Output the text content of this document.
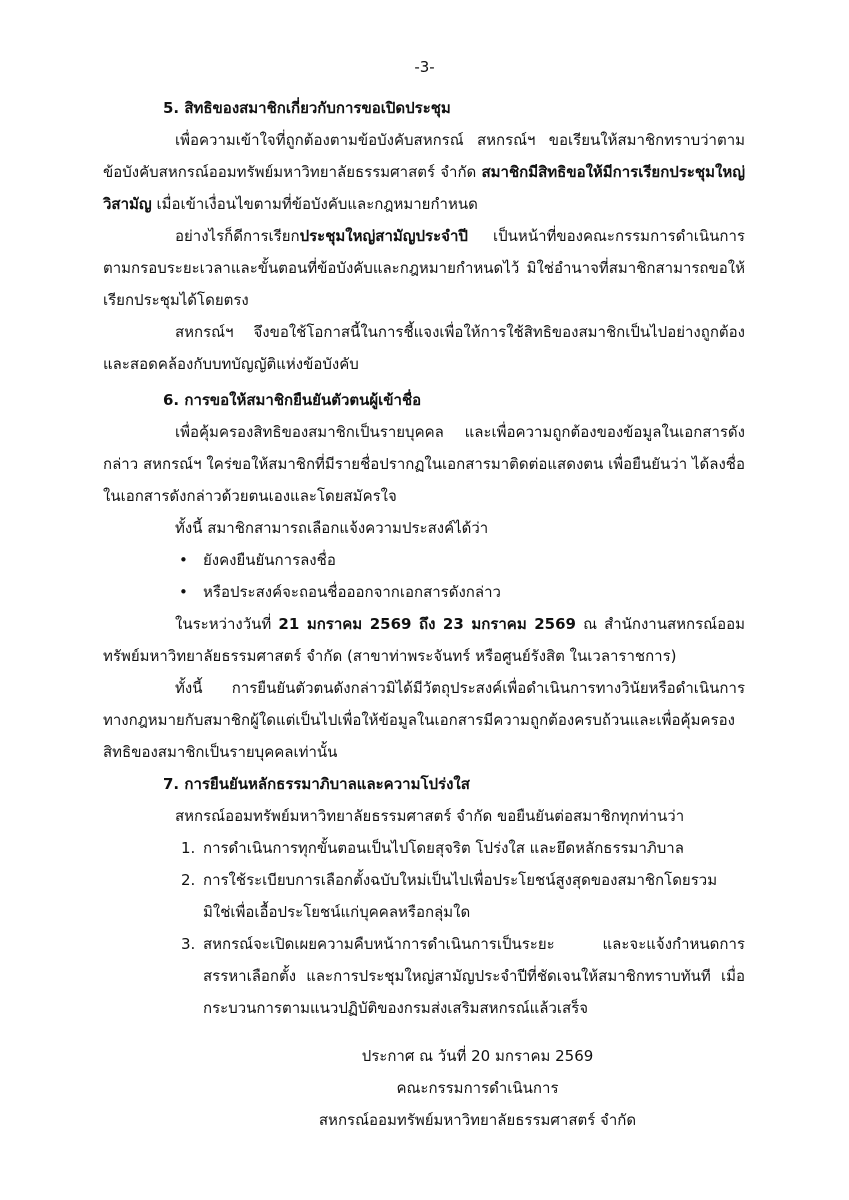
-3-
5. สิทธิของสมาชิกเกี่ยวกับการขอเปิดประชุม

เพื่อความเข้าใจที่ถูกต้องตามข้อบังคับสหกรณ์ สหกรณ์ฯ ขอเรียนให้สมาชิกทราบว่าตามข้อบังคับสหกรณ์ออมทรัพย์มหาวิทยาลัยธรรมศาสตร์ จำกัด สมาชิกมีสิทธิขอให้มีการเรียกประชุมใหญ่วิสามัญ เมื่อเข้าเงื่อนไขตามที่ข้อบังคับและกฎหมายกำหนด

อย่างไรก็ดีการเรียกประชุมใหญ่สามัญประจำปี เป็นหน้าที่ของคณะกรรมการดำเนินการตามกรอบระยะเวลาและขั้นตอนที่ข้อบังคับและกฎหมายกำหนดไว้ มิใช่อำนาจที่สมาชิกสามารถขอให้เรียกประชุมได้โดยตรง

สหกรณ์ฯ จึงขอใช้โอกาสนี้ในการชี้แจงเพื่อให้การใช้สิทธิของสมาชิกเป็นไปอย่างถูกต้อง และสอดคล้องกับบทบัญญัติแห่งข้อบังคับ

6. การขอให้สมาชิกยืนยันตัวตนผู้เข้าชื่อ

เพื่อคุ้มครองสิทธิของสมาชิกเป็นรายบุคคล และเพื่อความถูกต้องของข้อมูลในเอกสารดังกล่าว สหกรณ์ฯ ใคร่ขอให้สมาชิกที่มีรายชื่อปรากฏในเอกสารมาติดต่อแสดงตน เพื่อยืนยันว่า ได้ลงชื่อในเอกสารดังกล่าวด้วยตนเองและโดยสมัครใจ

ทั้งนี้ สมาชิกสามารถเลือกแจ้งความประสงค์ได้ว่า

• ยังคงยืนยันการลงชื่อ
• หรือประสงค์จะถอนชื่อออกจากเอกสารดังกล่าว

ในระหว่างวันที่ 21 มกราคม 2569 ถึง 23 มกราคม 2569 ณ สำนักงานสหกรณ์ออมทรัพย์มหาวิทยาลัยธรรมศาสตร์ จำกัด (สาขาท่าพระจันทร์ หรือศูนย์รังสิต ในเวลาราชการ)

ทั้งนี้ การยืนยันตัวตนดังกล่าวมิได้มีวัตถุประสงค์เพื่อดำเนินการทางวินัยหรือดำเนินการทางกฎหมายกับสมาชิกผู้ใดแต่เป็นไปเพื่อให้ข้อมูลในเอกสารมีความถูกต้องครบถ้วนและเพื่อคุ้มครองสิทธิของสมาชิกเป็นรายบุคคลเท่านั้น

7. การยืนยันหลักธรรมาภิบาลและความโปร่งใส

สหกรณ์ออมทรัพย์มหาวิทยาลัยธรรมศาสตร์ จำกัด ขอยืนยันต่อสมาชิกทุกท่านว่า

1. การดำเนินการทุกขั้นตอนเป็นไปโดยสุจริต โปร่งใส และยึดหลักธรรมาภิบาล
2. การใช้ระเบียบการเลือกตั้งฉบับใหม่เป็นไปเพื่อประโยชน์สูงสุดของสมาชิกโดยรวม มิใช่เพื่อเอื้อประโยชน์แก่บุคคลหรือกลุ่มใด
3. สหกรณ์จะเปิดเผยความคืบหน้าการดำเนินการเป็นระยะ และจะแจ้งกำหนดการสรรหาเลือกตั้ง และการประชุมใหญ่สามัญประจำปีที่ชัดเจนให้สมาชิกทราบทันที เมื่อกระบวนการตามแนวปฏิบัติของกรมส่งเสริมสหกรณ์แล้วเสร็จ
ประกาศ ณ วันที่ 20 มกราคม 2569
คณะกรรมการดำเนินการ
สหกรณ์ออมทรัพย์มหาวิทยาลัยธรรมศาสตร์ จำกัด
